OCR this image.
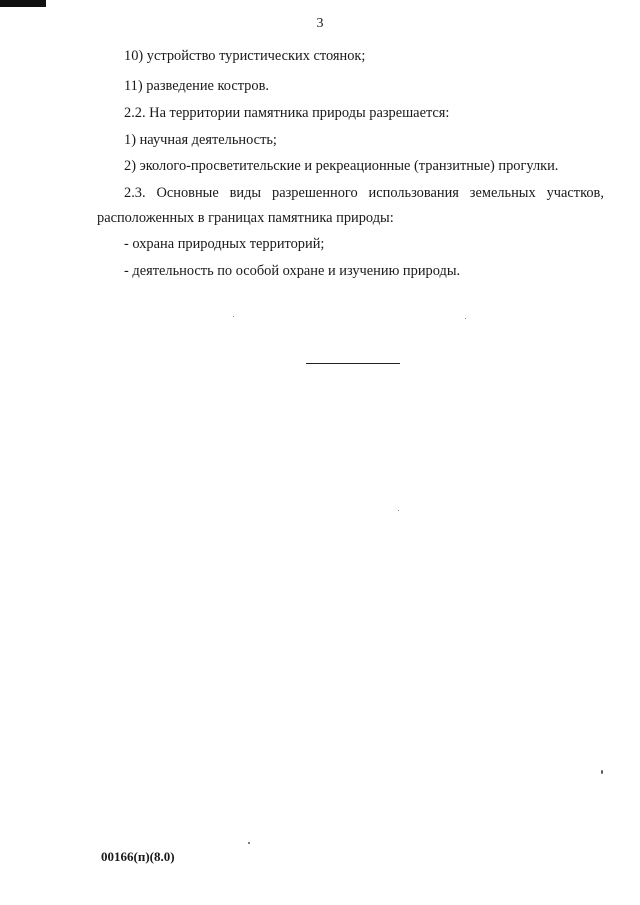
3
10) устройство туристических стоянок;
11) разведение костров.
2.2. На территории памятника природы разрешается:
1) научная деятельность;
2) эколого-просветительские и рекреационные (транзитные) прогулки.
2.3. Основные виды разрешенного использования земельных участков,
расположенных в границах памятника природы:
- охрана природных территорий;
- деятельность по особой охране и изучению природы.
00166(п)(8.0)
